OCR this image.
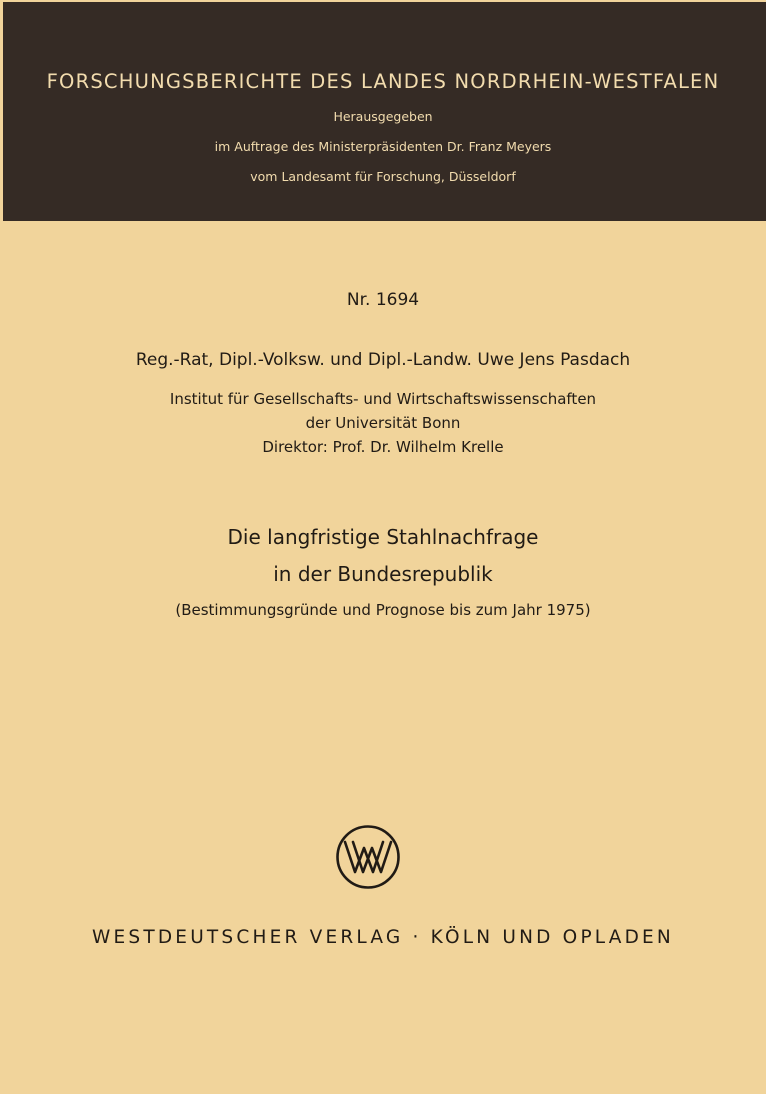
FORSCHUNGSBERICHTE DES LANDES NORDRHEIN-WESTFALEN
Herausgegeben
im Auftrage des Ministerpräsidenten Dr. Franz Meyers
vom Landesamt für Forschung, Düsseldorf
Nr. 1694
Reg.-Rat, Dipl.-Volksw. und Dipl.-Landw. Uwe Jens Pasdach
Institut für Gesellschafts- und Wirtschaftswissenschaften
der Universität Bonn
Direktor: Prof. Dr. Wilhelm Krelle
Die langfristige Stahlnachfrage
in der Bundesrepublik
(Bestimmungsgründe und Prognose bis zum Jahr 1975)
WESTDEUTSCHER VERLAG · KÖLN UND OPLADEN
